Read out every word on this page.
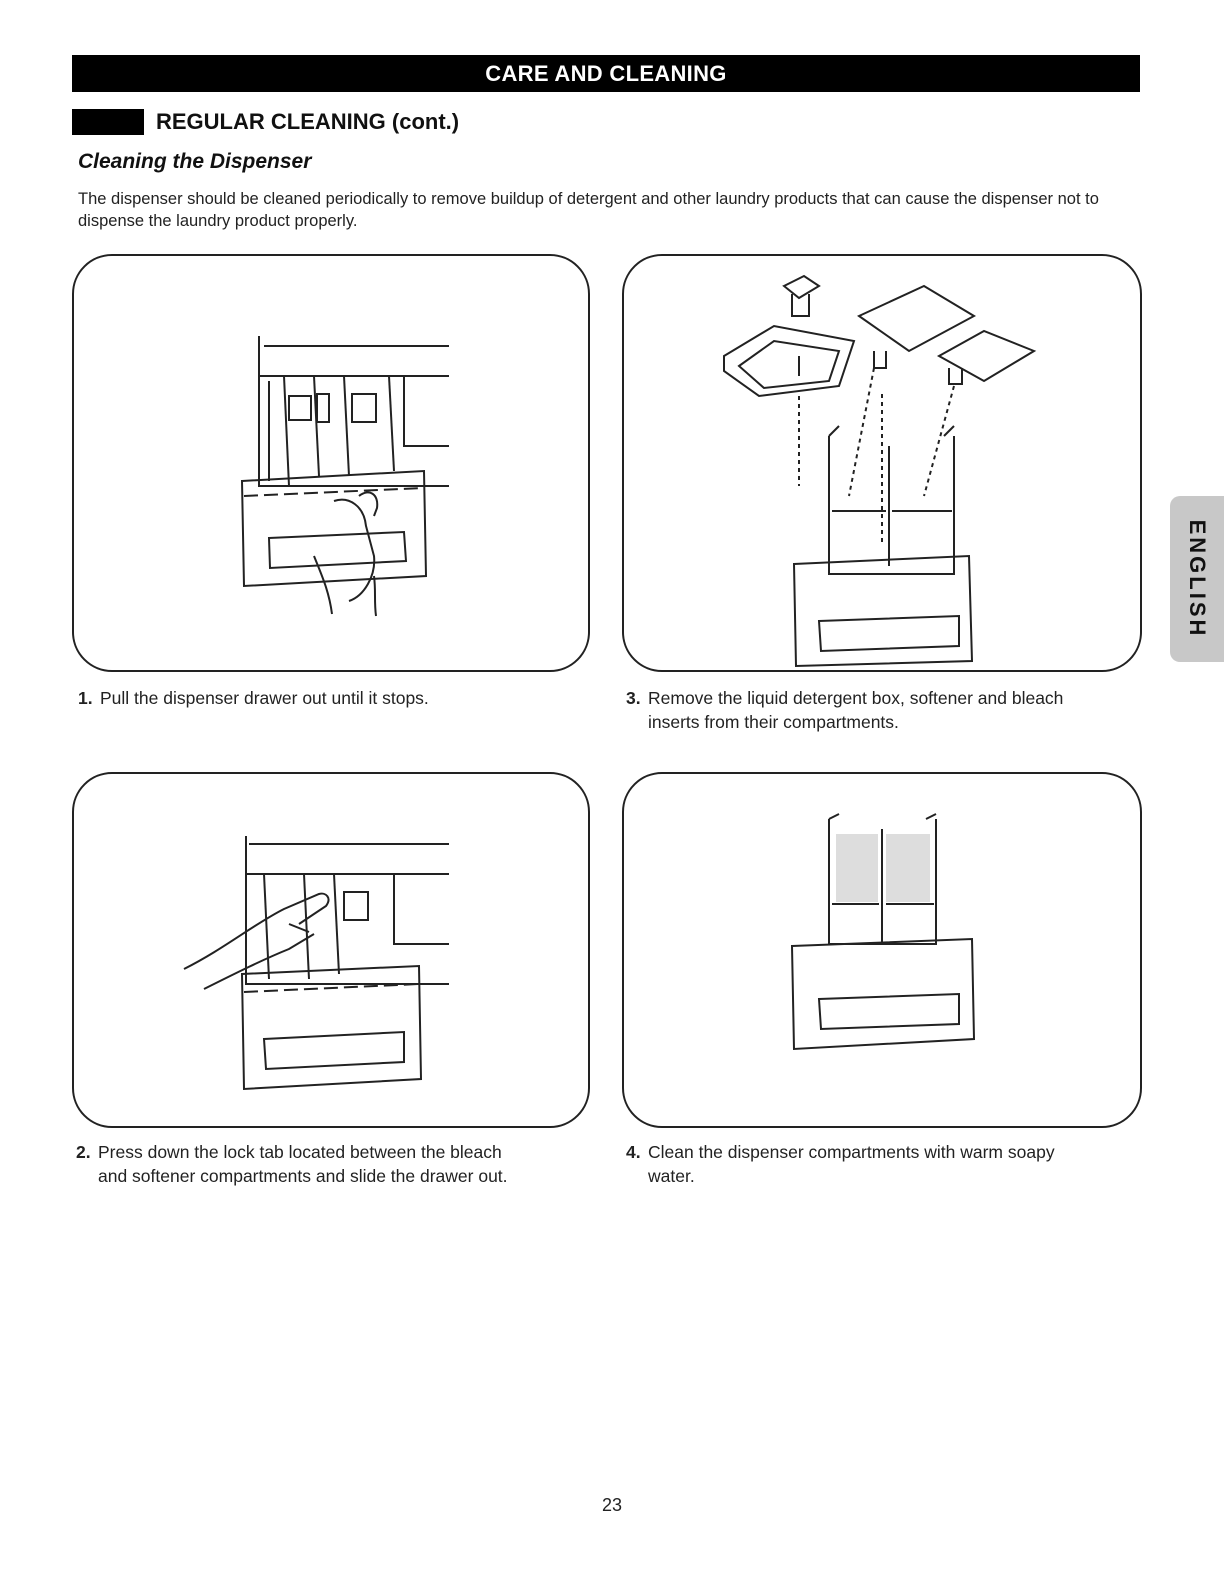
CARE AND CLEANING
REGULAR CLEANING (cont.)
Cleaning the Dispenser
The dispenser should be cleaned periodically to remove buildup of detergent and other laundry products that can cause the dispenser not to dispense the laundry product properly.
1. Pull the dispenser drawer out until it stops.	3. Remove the liquid detergent box, softener and bleach
inserts from their compartments.
2. Press down the lock tab located between the bleach
and softener compartments and slide the drawer out.
4. Clean the dispenser compartments with warm soapy
water.
ENGLISH
23
